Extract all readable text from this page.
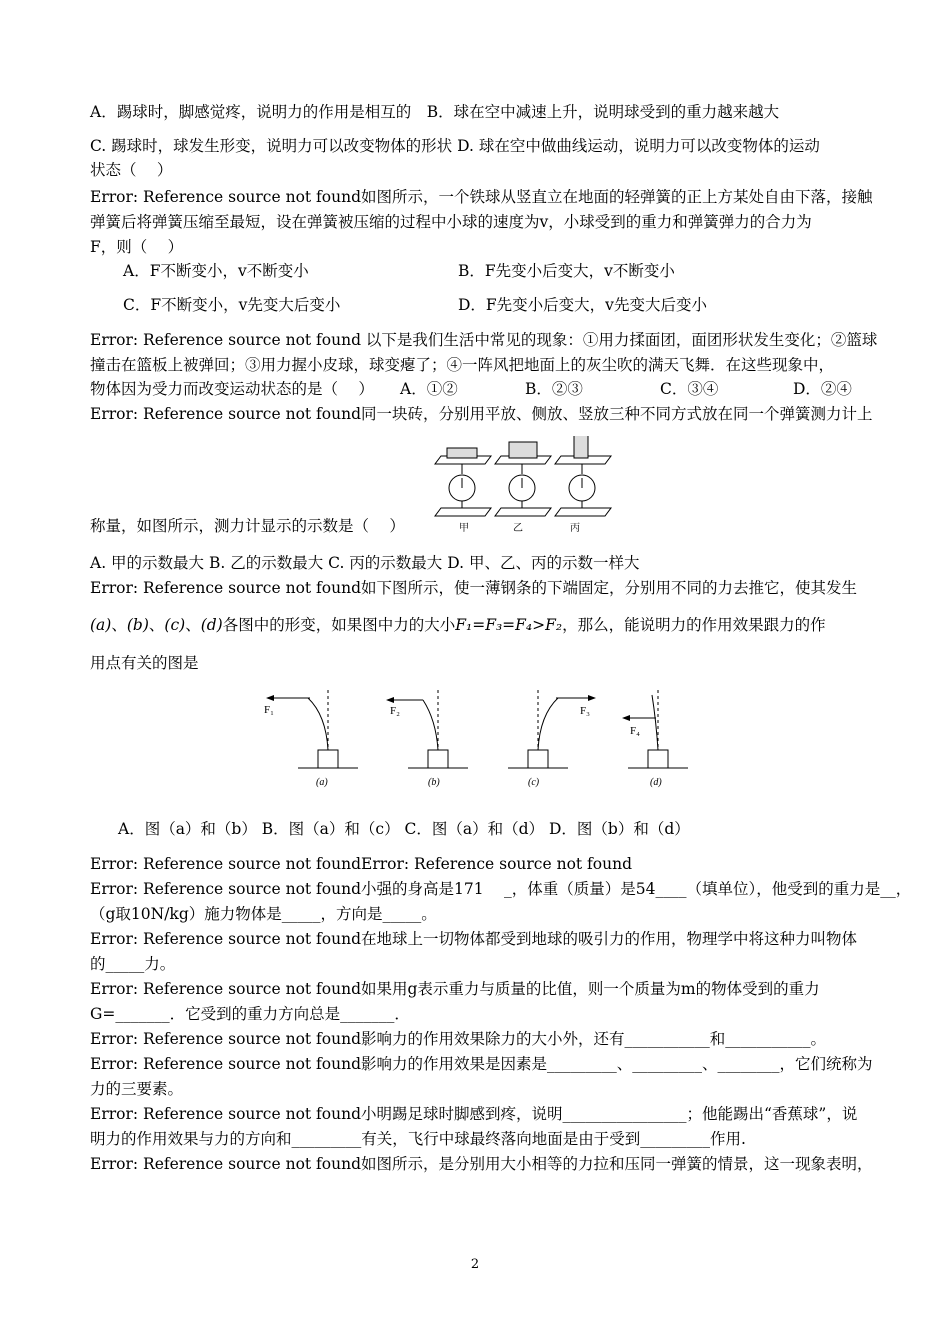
A．踢球时，脚感觉疼，说明力的作用是相互的　B．球在空中减速上升，说明球受到的重力越来越大
C. 踢球时，球发生形变，说明力可以改变物体的形状 D. 球在空中做曲线运动，说明力可以改变物体的运动
状态（　 ）
Error: Reference source not found如图所示，一个铁球从竖直立在地面的轻弹簧的正上方某处自由下落，接触
弹簧后将弹簧压缩至最短，设在弹簧被压缩的过程中小球的速度为v，小球受到的重力和弹簧弹力的合力为
F，则（　 ）
A．F不断变小，v不断变小	B．F先变小后变大，v不断变小
C．F不断变小，v先变大后变小	D．F先变小后变大，v先变大后变小
Error: Reference source not found 以下是我们生活中常见的现象：①用力揉面团，面团形状发生变化；②篮球
撞击在篮板上被弹回；③用力握小皮球，球变瘪了；④一阵风把地面上的灰尘吹的满天飞舞．在这些现象中，
物体因为受力而改变运动状态的是（　 ） A．①②	B．②③	C．③④	D．②④
Error: Reference source not found同一块砖，分别用平放、侧放、竖放三种不同方式放在同一个弹簧测力计上
甲	乙	丙
称量，如图所示，测力计显示的示数是（　 ）
A. 甲的示数最大 B. 乙的示数最大 C. 丙的示数最大 D. 甲、乙、丙的示数一样大
Error: Reference source not found如下图所示，使一薄钢条的下端固定，分别用不同的力去推它，使其发生
(a)、(b)、(c)、(d)各图中的形变，如果图中力的大小F₁=F₃=F₄>F₂，那么，能说明力的作用效果跟力的作
用点有关的图是
F₁
(a)
F₂
(b)
F₃
(c)
F₄
(d)
A．图（a）和（b） B．图（a）和（c） C．图（a）和（d） D．图（b）和（d）
Error: Reference source not foundError: Reference source not found
Error: Reference source not found小强的身高是171 　_，体重（质量）是54____（填单位），他受到的重力是__，
（g取10N/kg）施力物体是_____，方向是_____。
Error: Reference source not found在地球上一切物体都受到地球的吸引力的作用，物理学中将这种力叫物体
的_____力。
Error: Reference source not found如果用g表示重力与质量的比值，则一个质量为m的物体受到的重力
G=_______．它受到的重力方向总是_______．
Error: Reference source not found影响力的作用效果除力的大小外，还有___________和___________。
Error: Reference source not found影响力的作用效果是因素是_________、_________、________，它们统称为
力的三要素。
Error: Reference source not found小明踢足球时脚感到疼，说明________________；他能踢出“香蕉球”，说
明力的作用效果与力的方向和_________有关，飞行中球最终落向地面是由于受到_________作用.
Error: Reference source not found如图所示，是分别用大小相等的力拉和压同一弹簧的情景，这一现象表明，
2
